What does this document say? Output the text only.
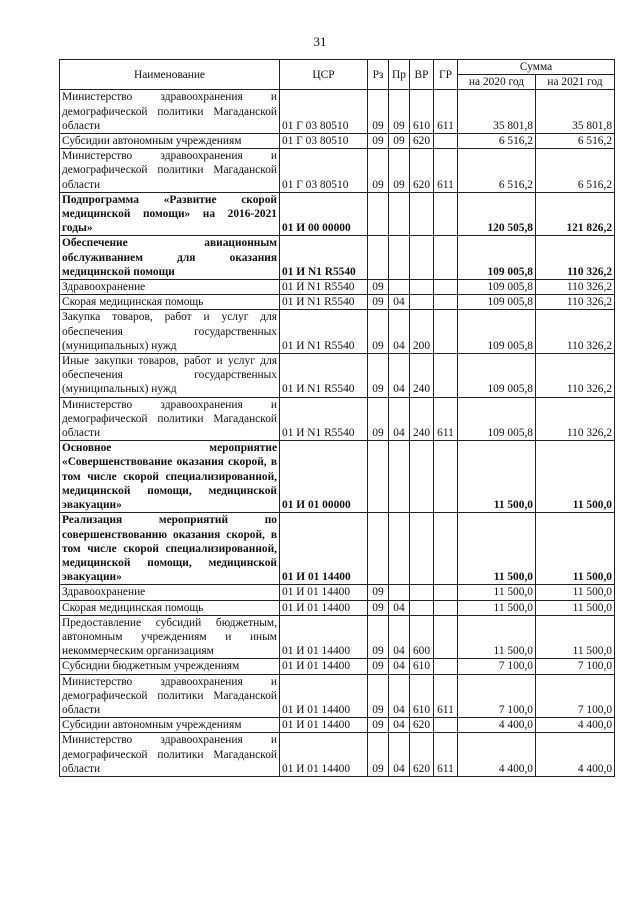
31
Наименование	ЦСР	Рз	Пр	ВР	ГР	Сумма	
						на 2020 год	на 2021 год
Министерство здравоохранения и демографической политики Магаданской области	01 Г 03 80510	09	09	610	611	35 801,8	35 801,8
Субсидии автономным учреждениям	01 Г 03 80510	09	09	620		6 516,2	6 516,2
Министерство здравоохранения и демографической политики Магаданской области	01 Г 03 80510	09	09	620	611	6 516,2	6 516,2
Подпрограмма «Развитие скорой медицинской помощи» на 2016-2021 годы»	01 И 00 00000					120 505,8	121 826,2
Обеспечение авиационным обслуживанием для оказания медицинской помощи	01 И N1 R5540					109 005,8	110 326,2
Здравоохранение	01 И N1 R5540	09				109 005,8	110 326,2
Скорая медицинская помощь	01 И N1 R5540	09	04			109 005,8	110 326,2
Закупка товаров, работ и услуг для обеспечения государственных (муниципальных) нужд	01 И N1 R5540	09	04	200		109 005,8	110 326,2
Иные закупки товаров, работ и услуг для обеспечения государственных (муниципальных) нужд	01 И N1 R5540	09	04	240		109 005,8	110 326,2
Министерство здравоохранения и демографической политики Магаданской области	01 И N1 R5540	09	04	240	611	109 005,8	110 326,2
Основное мероприятие «Совершенствование оказания скорой, в том числе скорой специализированной, медицинской помощи, медицинской эвакуации»	01 И 01 00000					11 500,0	11 500,0
Реализация мероприятий по совершенствованию оказания скорой, в том числе скорой специализированной, медицинской помощи, медицинской эвакуации»	01 И 01 14400					11 500,0	11 500,0
Здравоохранение	01 И 01 14400	09				11 500,0	11 500,0
Скорая медицинская помощь	01 И 01 14400	09	04			11 500,0	11 500,0
Предоставление субсидий бюджетным, автономным учреждениям и иным некоммерческим организациям	01 И 01 14400	09	04	600		11 500,0	11 500,0
Субсидии бюджетным учреждениям	01 И 01 14400	09	04	610		7 100,0	7 100,0
Министерство здравоохранения и демографической политики Магаданской области	01 И 01 14400	09	04	610	611	7 100,0	7 100,0
Субсидии автономным учреждениям	01 И 01 14400	09	04	620		4 400,0	4 400,0
Министерство здравоохранения и демографической политики Магаданской области	01 И 01 14400	09	04	620	611	4 400,0	4 400,0
